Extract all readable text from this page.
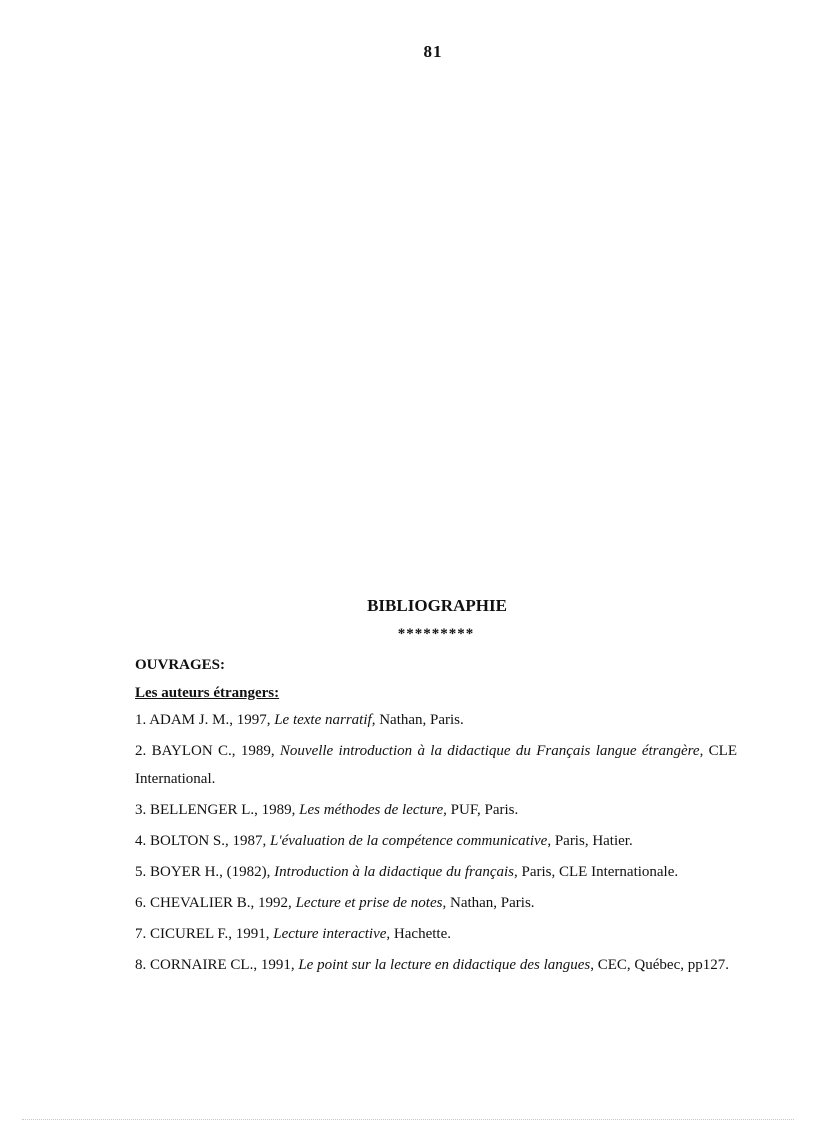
81
BIBLIOGRAPHIE
*********
OUVRAGES:
Les auteurs étrangers:
1. ADAM J. M., 1997, Le texte narratif, Nathan, Paris.
2. BAYLON C., 1989, Nouvelle introduction à la didactique du Français langue étrangère, CLE International.
3. BELLENGER L., 1989, Les méthodes de lecture, PUF, Paris.
4. BOLTON S., 1987, L'évaluation de la compétence communicative, Paris, Hatier.
5. BOYER H., (1982), Introduction à la didactique du français, Paris, CLE Internationale.
6. CHEVALIER B., 1992, Lecture et prise de notes, Nathan, Paris.
7. CICUREL F., 1991, Lecture interactive, Hachette.
8. CORNAIRE CL., 1991, Le point sur la lecture en didactique des langues, CEC, Québec, pp127.
